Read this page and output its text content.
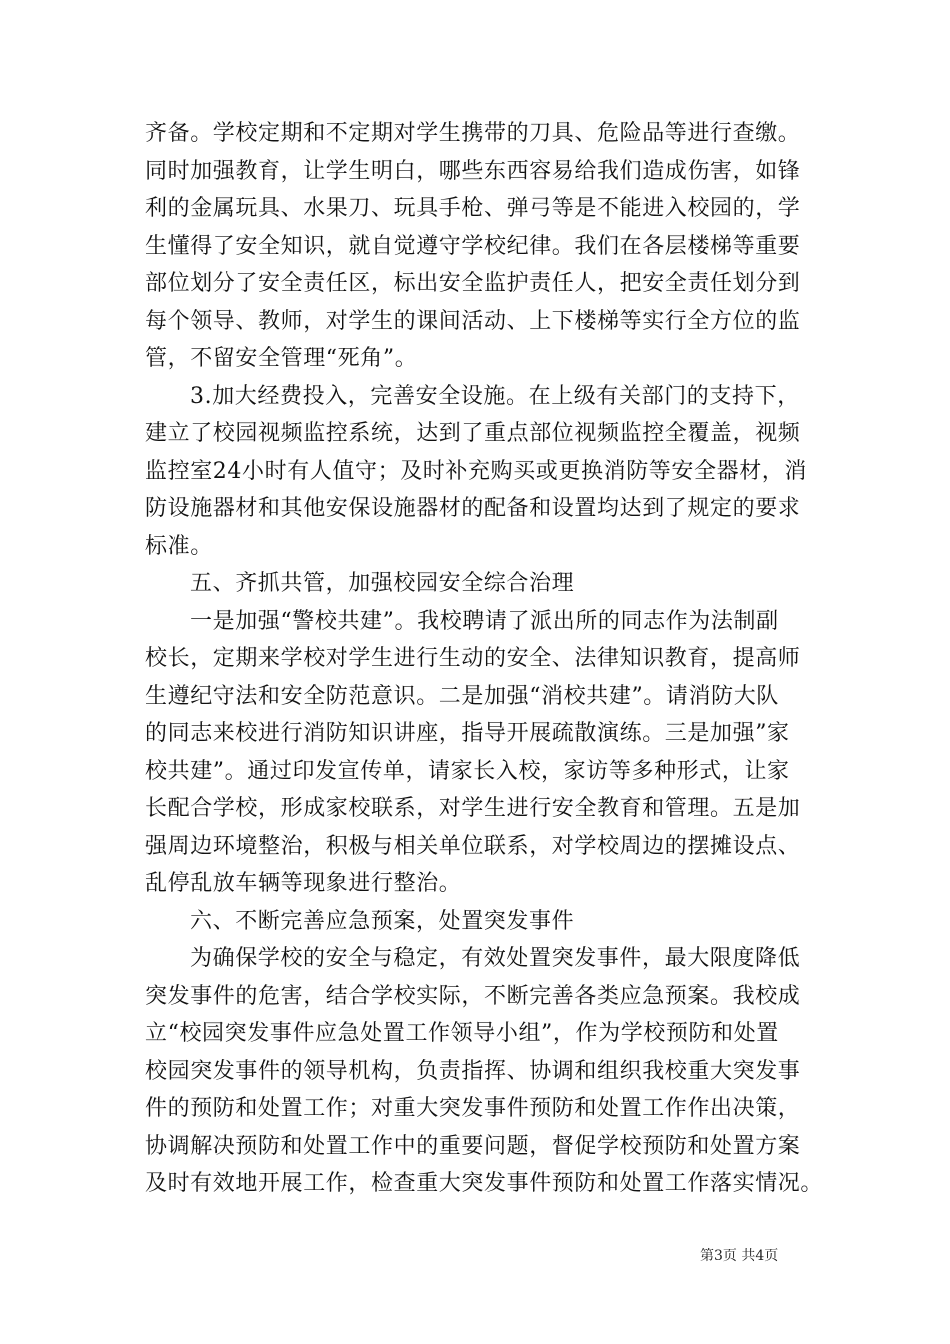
齐备。学校定期和不定期对学生携带的刀具、危险品等进行查缴。
同时加强教育，让学生明白，哪些东西容易给我们造成伤害，如锋
利的金属玩具、水果刀、玩具手枪、弹弓等是不能进入校园的，学
生懂得了安全知识，就自觉遵守学校纪律。我们在各层楼梯等重要
部位划分了安全责任区，标出安全监护责任人，把安全责任划分到
每个领导、教师，对学生的课间活动、上下楼梯等实行全方位的监
管，不留安全管理“死角”。
3.加大经费投入，完善安全设施。在上级有关部门的支持下，
建立了校园视频监控系统，达到了重点部位视频监控全覆盖，视频
监控室24小时有人值守；及时补充购买或更换消防等安全器材，消
防设施器材和其他安保设施器材的配备和设置均达到了规定的要求
标准。
五、齐抓共管，加强校园安全综合治理
一是加强“警校共建”。我校聘请了派出所的同志作为法制副
校长，定期来学校对学生进行生动的安全、法律知识教育，提高师
生遵纪守法和安全防范意识。二是加强“消校共建”。请消防大队
的同志来校进行消防知识讲座，指导开展疏散演练。三是加强”家
校共建”。通过印发宣传单，请家长入校，家访等多种形式，让家
长配合学校，形成家校联系，对学生进行安全教育和管理。五是加
强周边环境整治，积极与相关单位联系，对学校周边的摆摊设点、
乱停乱放车辆等现象进行整治。
六、不断完善应急预案，处置突发事件
为确保学校的安全与稳定，有效处置突发事件，最大限度降低
突发事件的危害，结合学校实际，不断完善各类应急预案。我校成
立“校园突发事件应急处置工作领导小组”，作为学校预防和处置
校园突发事件的领导机构，负责指挥、协调和组织我校重大突发事
件的预防和处置工作；对重大突发事件预防和处置工作作出决策，
协调解决预防和处置工作中的重要问题，督促学校预防和处置方案
及时有效地开展工作，检查重大突发事件预防和处置工作落实情况。
第3页 共4页
